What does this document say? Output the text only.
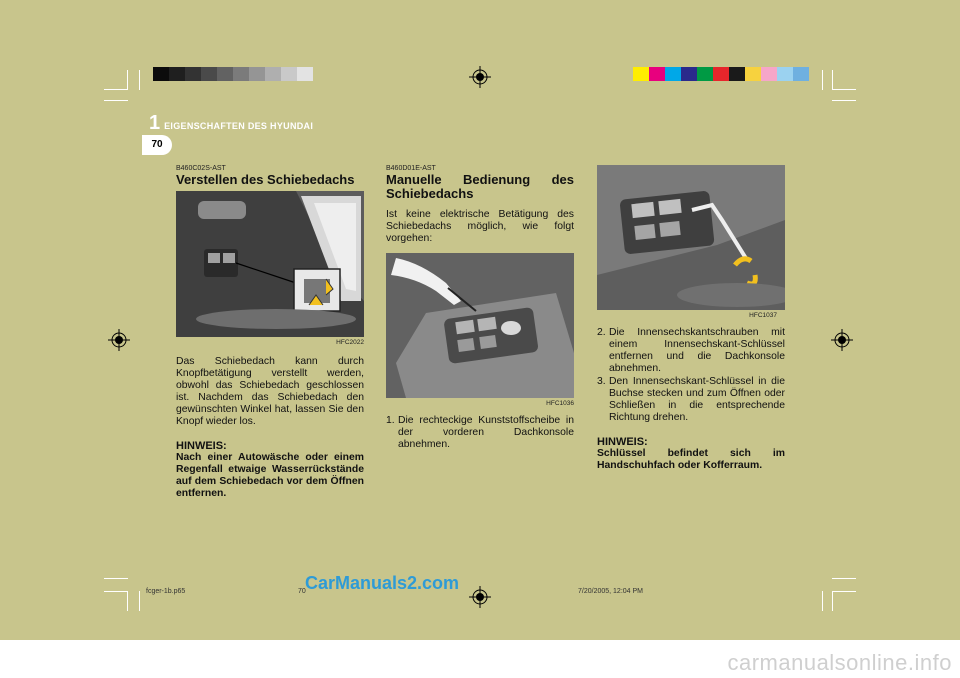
1 EIGENSCHAFTEN DES HYUNDAI
70
B460C02S-AST
Verstellen des Schiebedachs
HFC2022
Das Schiebedach kann durch Knopfbetätigung verstellt werden, obwohl das Schiebedach geschlossen ist. Nachdem das Schiebedach den gewünschten Winkel hat, lassen Sie den Knopf wieder los.
HINWEIS:
Nach einer Autowäsche oder einem Regenfall etwaige Wasserrückstände auf dem Schiebedach vor dem Öffnen entfernen.
B460D01E-AST
Manuelle Bedienung des Schiebedachs
Ist keine elektrische Betätigung des Schiebedachs möglich, wie folgt vorgehen:
HFC1036
1. Die rechteckige Kunststoffscheibe in der vorderen Dachkonsole abnehmen.
HFC1037
2. Die Innensechskantschrauben mit einem Innensechskant-Schlüssel entfernen und die Dachkonsole abnehmen.
3. Den Innensechskant-Schlüssel in die Buchse stecken und zum Öffnen oder Schließen in die entsprechende Richtung drehen.
HINWEIS:
Schlüssel befindet sich im Handschuhfach oder Kofferraum.
fcger-1b.p65	70	7/20/2005, 12:04 PM
CarManuals2.com
carmanualsonline.info
